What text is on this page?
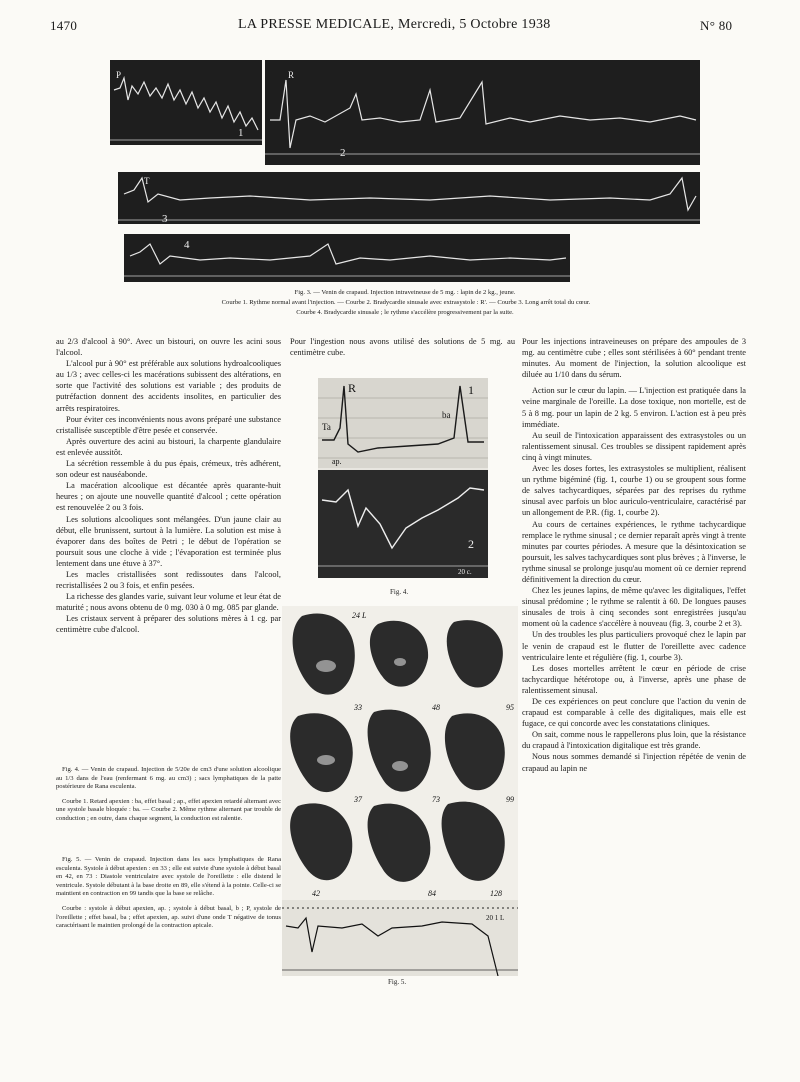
1470	LA PRESSE MEDICALE, Mercredi, 5 Octobre 1938	N° 80
1
2
3
4
P	R
T
Fig. 3. — Venin de crapaud. Injection intraveineuse de 5 mg. : lapin de 2 kg., jeune.
Courbe 1. Rythme normal avant l'injection. — Courbe 2. Bradycardie sinusale avec extrasystole : R'. — Courbe 3. Long arrêt total du cœur.
Courbe 4. Bradycardie sinusale ; le rythme s'accélère progressivement par la suite.

au 2/3 d'alcool à 90°. Avec un bistouri, on ouvre les acini sous l'alcool.

L'alcool pur à 90° est préférable aux solutions hydroalcooliques au 1/3 ; avec celles-ci les macérations subissent des altérations, en sorte que l'activité des solutions est variable ; des produits de putréfaction donnent des accidents insolites, en particulier des arrêts respiratoires.

Pour éviter ces inconvénients nous avons préparé une substance cristallisée susceptible d'être pesée et conservée.

Après ouverture des acini au bistouri, la charpente glandulaire est enlevée aussitôt.

La sécrétion ressemble à du pus épais, crémeux, très adhérent, son odeur est nauséabonde.

La macération alcoolique est décantée après quarante-huit heures ; on ajoute une nouvelle quantité d'alcool ; cette opération est renouvelée 2 ou 3 fois.

Les solutions alcooliques sont mélangées. D'un jaune clair au début, elle brunissent, surtout à la lumière. La solution est mise à évaporer dans des boîtes de Petri ; le début de l'opération se poursuit sous une cloche à vide ; l'évaporation est terminée plus lentement dans une étuve à 37°.

Les macles cristallisées sont redissoutes dans l'alcool, recristallisées 2 ou 3 fois, et enfin pesées.

La richesse des glandes varie, suivant leur volume et leur état de maturité ; nous avons obtenu de 0 mg. 030 à 0 mg. 085 par glande.

Les cristaux servent à préparer des solutions mères à 1 cg. par centimètre cube d'alcool.

Fig. 4. — Venin de crapaud. Injection de 5/20e de cm3 d'une solution alcoolique au 1/3 dans de l'eau (renfermant 6 mg. au cm3) ; sacs lymphatiques de la patte postérieure de Rana esculenta.

Courbe 1. Retard apexien : ba, effet basal ; ap., effet apexien retardé alternant avec une systole basale bloquée : ba. — Courbe 2. Même rythme alternant par trouble de conduction ; en outre, dans chaque segment, la conduction est ralentie.

Fig. 5. — Venin de crapaud. Injection dans les sacs lymphatiques de Rana esculenta. Systole à début apexien : en 33 ; elle est suivie d'une systole à début basal en 42, en 73 : Diastole ventriculaire avec systole de l'oreillette : elle distend le ventricule. Systole débutant à la base droite en 89, elle s'étend à la pointe. Celle-ci se maintient en contraction en 99 tandis que la base se relâche.

Courbe : systole à début apexien, ap. ; systole à début basal, b ; P, systole de l'oreillette ; effet basal, ba ; effet apexien, ap. suivi d'une onde T négative de tonus caractérisant le maintien prolongé de la contraction apicale.

Pour l'ingestion nous avons utilisé des solutions de 5 mg. au centimètre cube.

R	1
Ta
ba
ap.
2
20 c.
Fig. 4.
24 L
33	48	95
37	73	99
42	84	128
20 1 L
Fig. 5.

Pour les injections intraveineuses on prépare des ampoules de 3 mg. au centimètre cube ; elles sont stérilisées à 60° pendant trente minutes. Au moment de l'injection, la solution alcoolique est diluée au 1/10 dans du sérum.

Action sur le cœur du lapin. — L'injection est pratiquée dans la veine marginale de l'oreille. La dose toxique, non mortelle, est de 5 à 8 mg. pour un lapin de 2 kg. 5 environ. L'action est à peu près immédiate.

Au seuil de l'intoxication apparaissent des extrasystoles ou un ralentissement sinusal. Ces troubles se dissipent rapidement après cinq à vingt minutes.

Avec les doses fortes, les extrasystoles se multiplient, réalisent un rythme bigéminé (fig. 1, courbe 1) ou se groupent sous forme de salves tachycardiques, séparées par des reprises du rythme sinusal avec parfois un bloc auriculo-ventriculaire, caractérisé par un allongement de P.R. (fig. 1, courbe 2).

Au cours de certaines expériences, le rythme tachycardique remplace le rythme sinusal ; ce dernier reparaît après vingt à trente minutes par courtes périodes. A mesure que la désintoxication se poursuit, les salves tachycardiques sont plus brèves ; à l'inverse, le rythme sinusal se prolonge jusqu'au moment où ce dernier reprend définitivement la direction du cœur.

Chez les jeunes lapins, de même qu'avec les digitaliques, l'effet sinusal prédomine ; le rythme se ralentit à 60. De longues pauses sinusales de trois à cinq secondes sont enregistrées jusqu'au moment où la cadence s'accélère à nouveau (fig. 3, courbe 2 et 3).

Un des troubles les plus particuliers provoqué chez le lapin par le venin de crapaud est le flutter de l'oreillette avec cadence ventriculaire lente et régulière (fig. 1, courbe 3).

Les doses mortelles arrêtent le cœur en période de crise tachycardique hétérotope ou, à l'inverse, après une phase de ralentissement sinusal.

De ces expériences on peut conclure que l'action du venin de crapaud est comparable à celle des digitaliques, mais elle est fugace, ce qui concorde avec les constatations cliniques.

On sait, comme nous le rappellerons plus loin, que la résistance du crapaud à l'intoxication digitalique est très grande.

Nous nous sommes demandé si l'injection répétée de venin de crapaud au lapin ne
